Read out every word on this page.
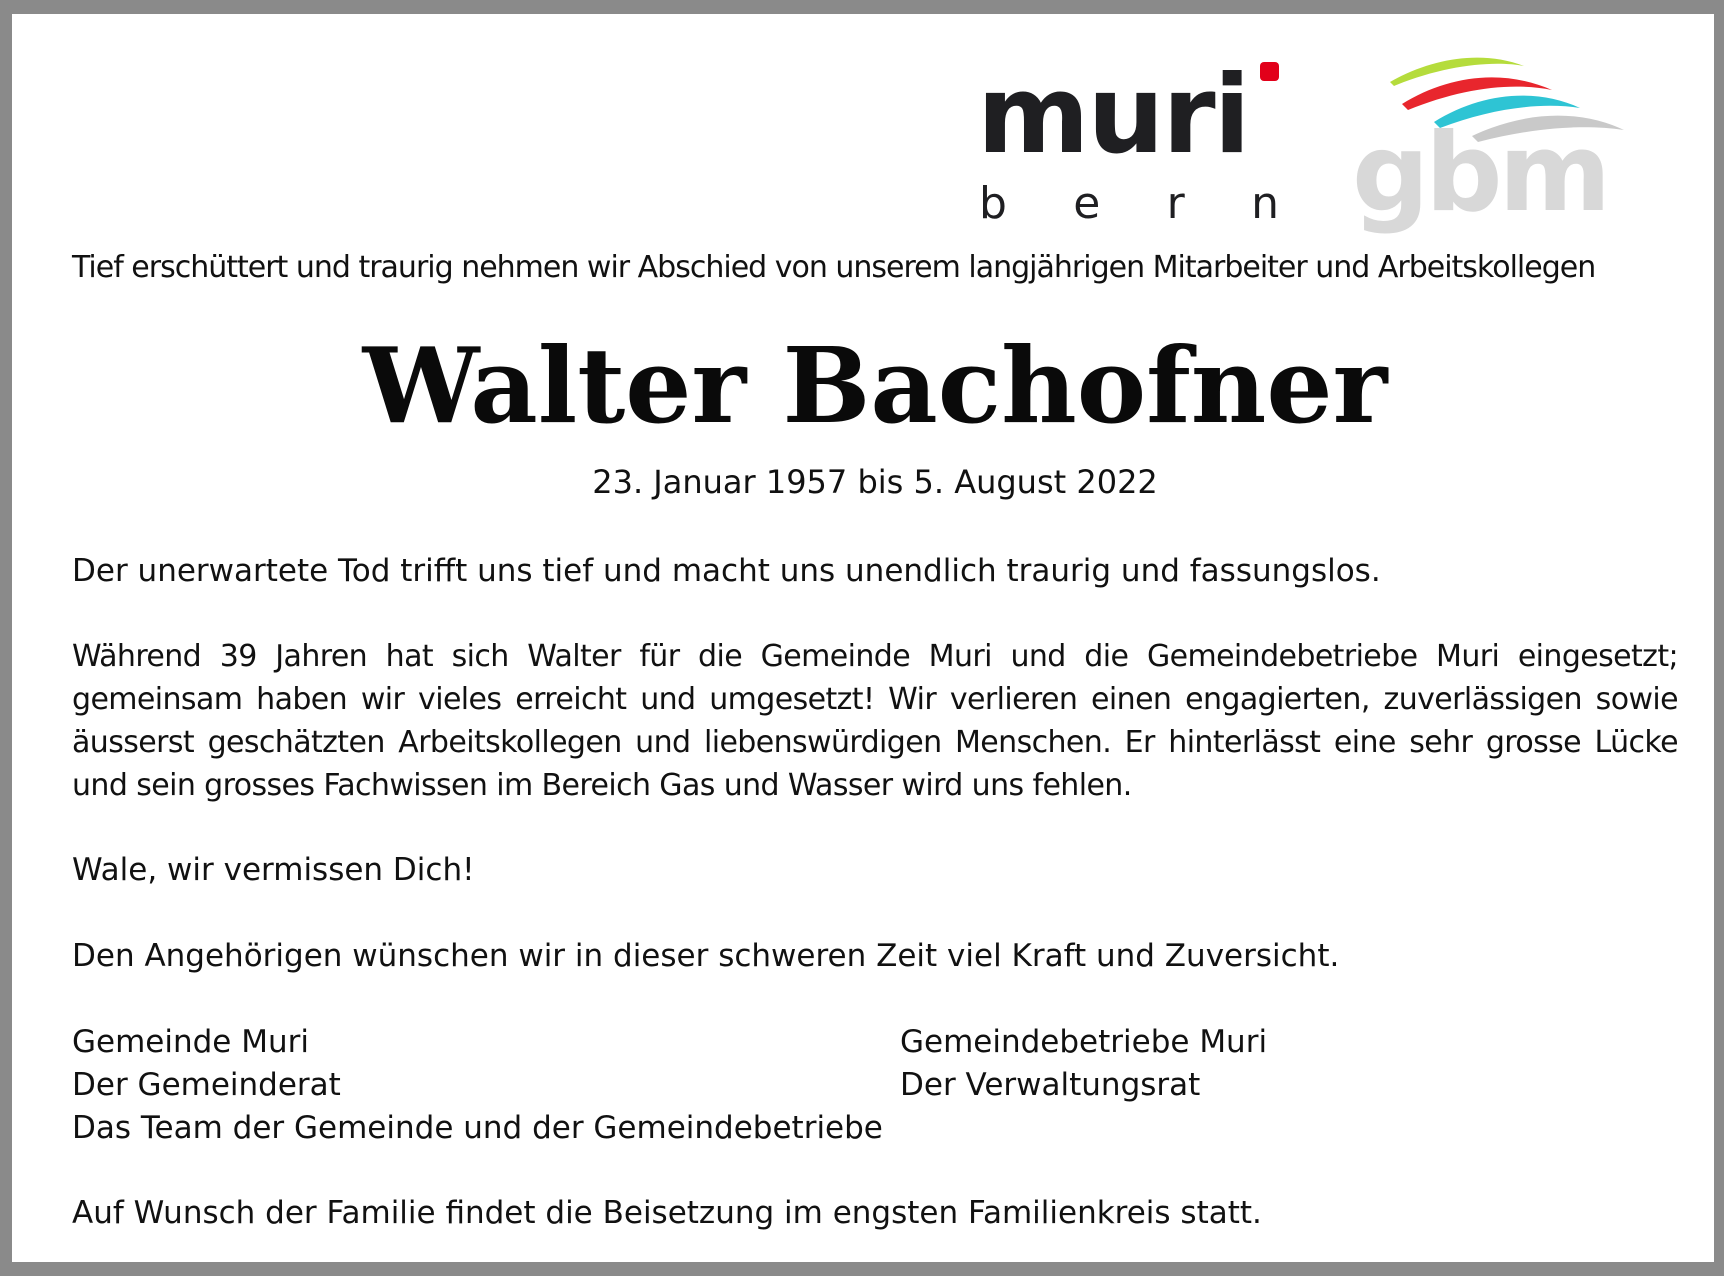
muri
b e r n gbm

Tief erschüttert und traurig nehmen wir Abschied von unserem langjährigen Mitarbeiter und Arbeitskollegen

Walter Bachofner

23. Januar 1957 bis 5. August 2022

Der unerwartete Tod trifft uns tief und macht uns unendlich traurig und fassungslos.

Während 39 Jahren hat sich Walter für die Gemeinde Muri und die Gemeindebetriebe Muri eingesetzt; gemeinsam haben wir vieles erreicht und umgesetzt! Wir verlieren einen engagierten, zuverlässigen sowie äusserst geschätzten Arbeitskollegen und liebenswürdigen Menschen. Er hinterlässt eine sehr grosse Lücke und sein grosses Fachwissen im Bereich Gas und Wasser wird uns fehlen.

Wale, wir vermissen Dich!

Den Angehörigen wünschen wir in dieser schweren Zeit viel Kraft und Zuversicht.

Gemeinde Muri
Der Gemeinderat
Das Team der Gemeinde und der Gemeindebetriebe
Gemeindebetriebe Muri
Der Verwaltungsrat

Auf Wunsch der Familie findet die Beisetzung im engsten Familienkreis statt.
